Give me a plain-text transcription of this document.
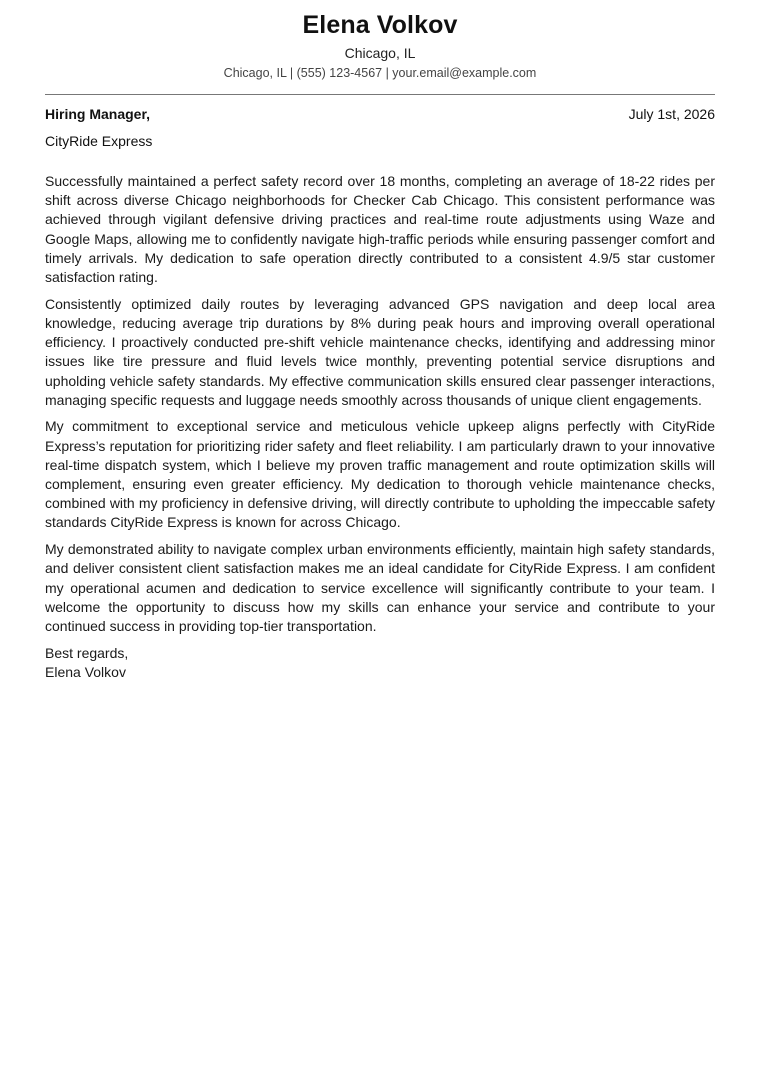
Elena Volkov
Chicago, IL
Chicago, IL | (555) 123-4567 | your.email@example.com
Hiring Manager,	July 1st, 2026
CityRide Express

Successfully maintained a perfect safety record over 18 months, completing an average of 18-22 rides per shift across diverse Chicago neighborhoods for Checker Cab Chicago. This consistent performance was achieved through vigilant defensive driving practices and real-time route adjustments using Waze and Google Maps, allowing me to confidently navigate high-traffic periods while ensuring passenger comfort and timely arrivals. My dedication to safe operation directly contributed to a consistent 4.9/5 star customer satisfaction rating.

Consistently optimized daily routes by leveraging advanced GPS navigation and deep local area knowledge, reducing average trip durations by 8% during peak hours and improving overall operational efficiency. I proactively conducted pre-shift vehicle maintenance checks, identifying and addressing minor issues like tire pressure and fluid levels twice monthly, preventing potential service disruptions and upholding vehicle safety standards. My effective communication skills ensured clear passenger interactions, managing specific requests and luggage needs smoothly across thousands of unique client engagements.

My commitment to exceptional service and meticulous vehicle upkeep aligns perfectly with CityRide Express’s reputation for prioritizing rider safety and fleet reliability. I am particularly drawn to your innovative real-time dispatch system, which I believe my proven traffic management and route optimization skills will complement, ensuring even greater efficiency. My dedication to thorough vehicle maintenance checks, combined with my proficiency in defensive driving, will directly contribute to upholding the impeccable safety standards CityRide Express is known for across Chicago.

My demonstrated ability to navigate complex urban environments efficiently, maintain high safety standards, and deliver consistent client satisfaction makes me an ideal candidate for CityRide Express. I am confident my operational acumen and dedication to service excellence will significantly contribute to your team. I welcome the opportunity to discuss how my skills can enhance your service and contribute to your continued success in providing top-tier transportation.

Best regards,
Elena Volkov
